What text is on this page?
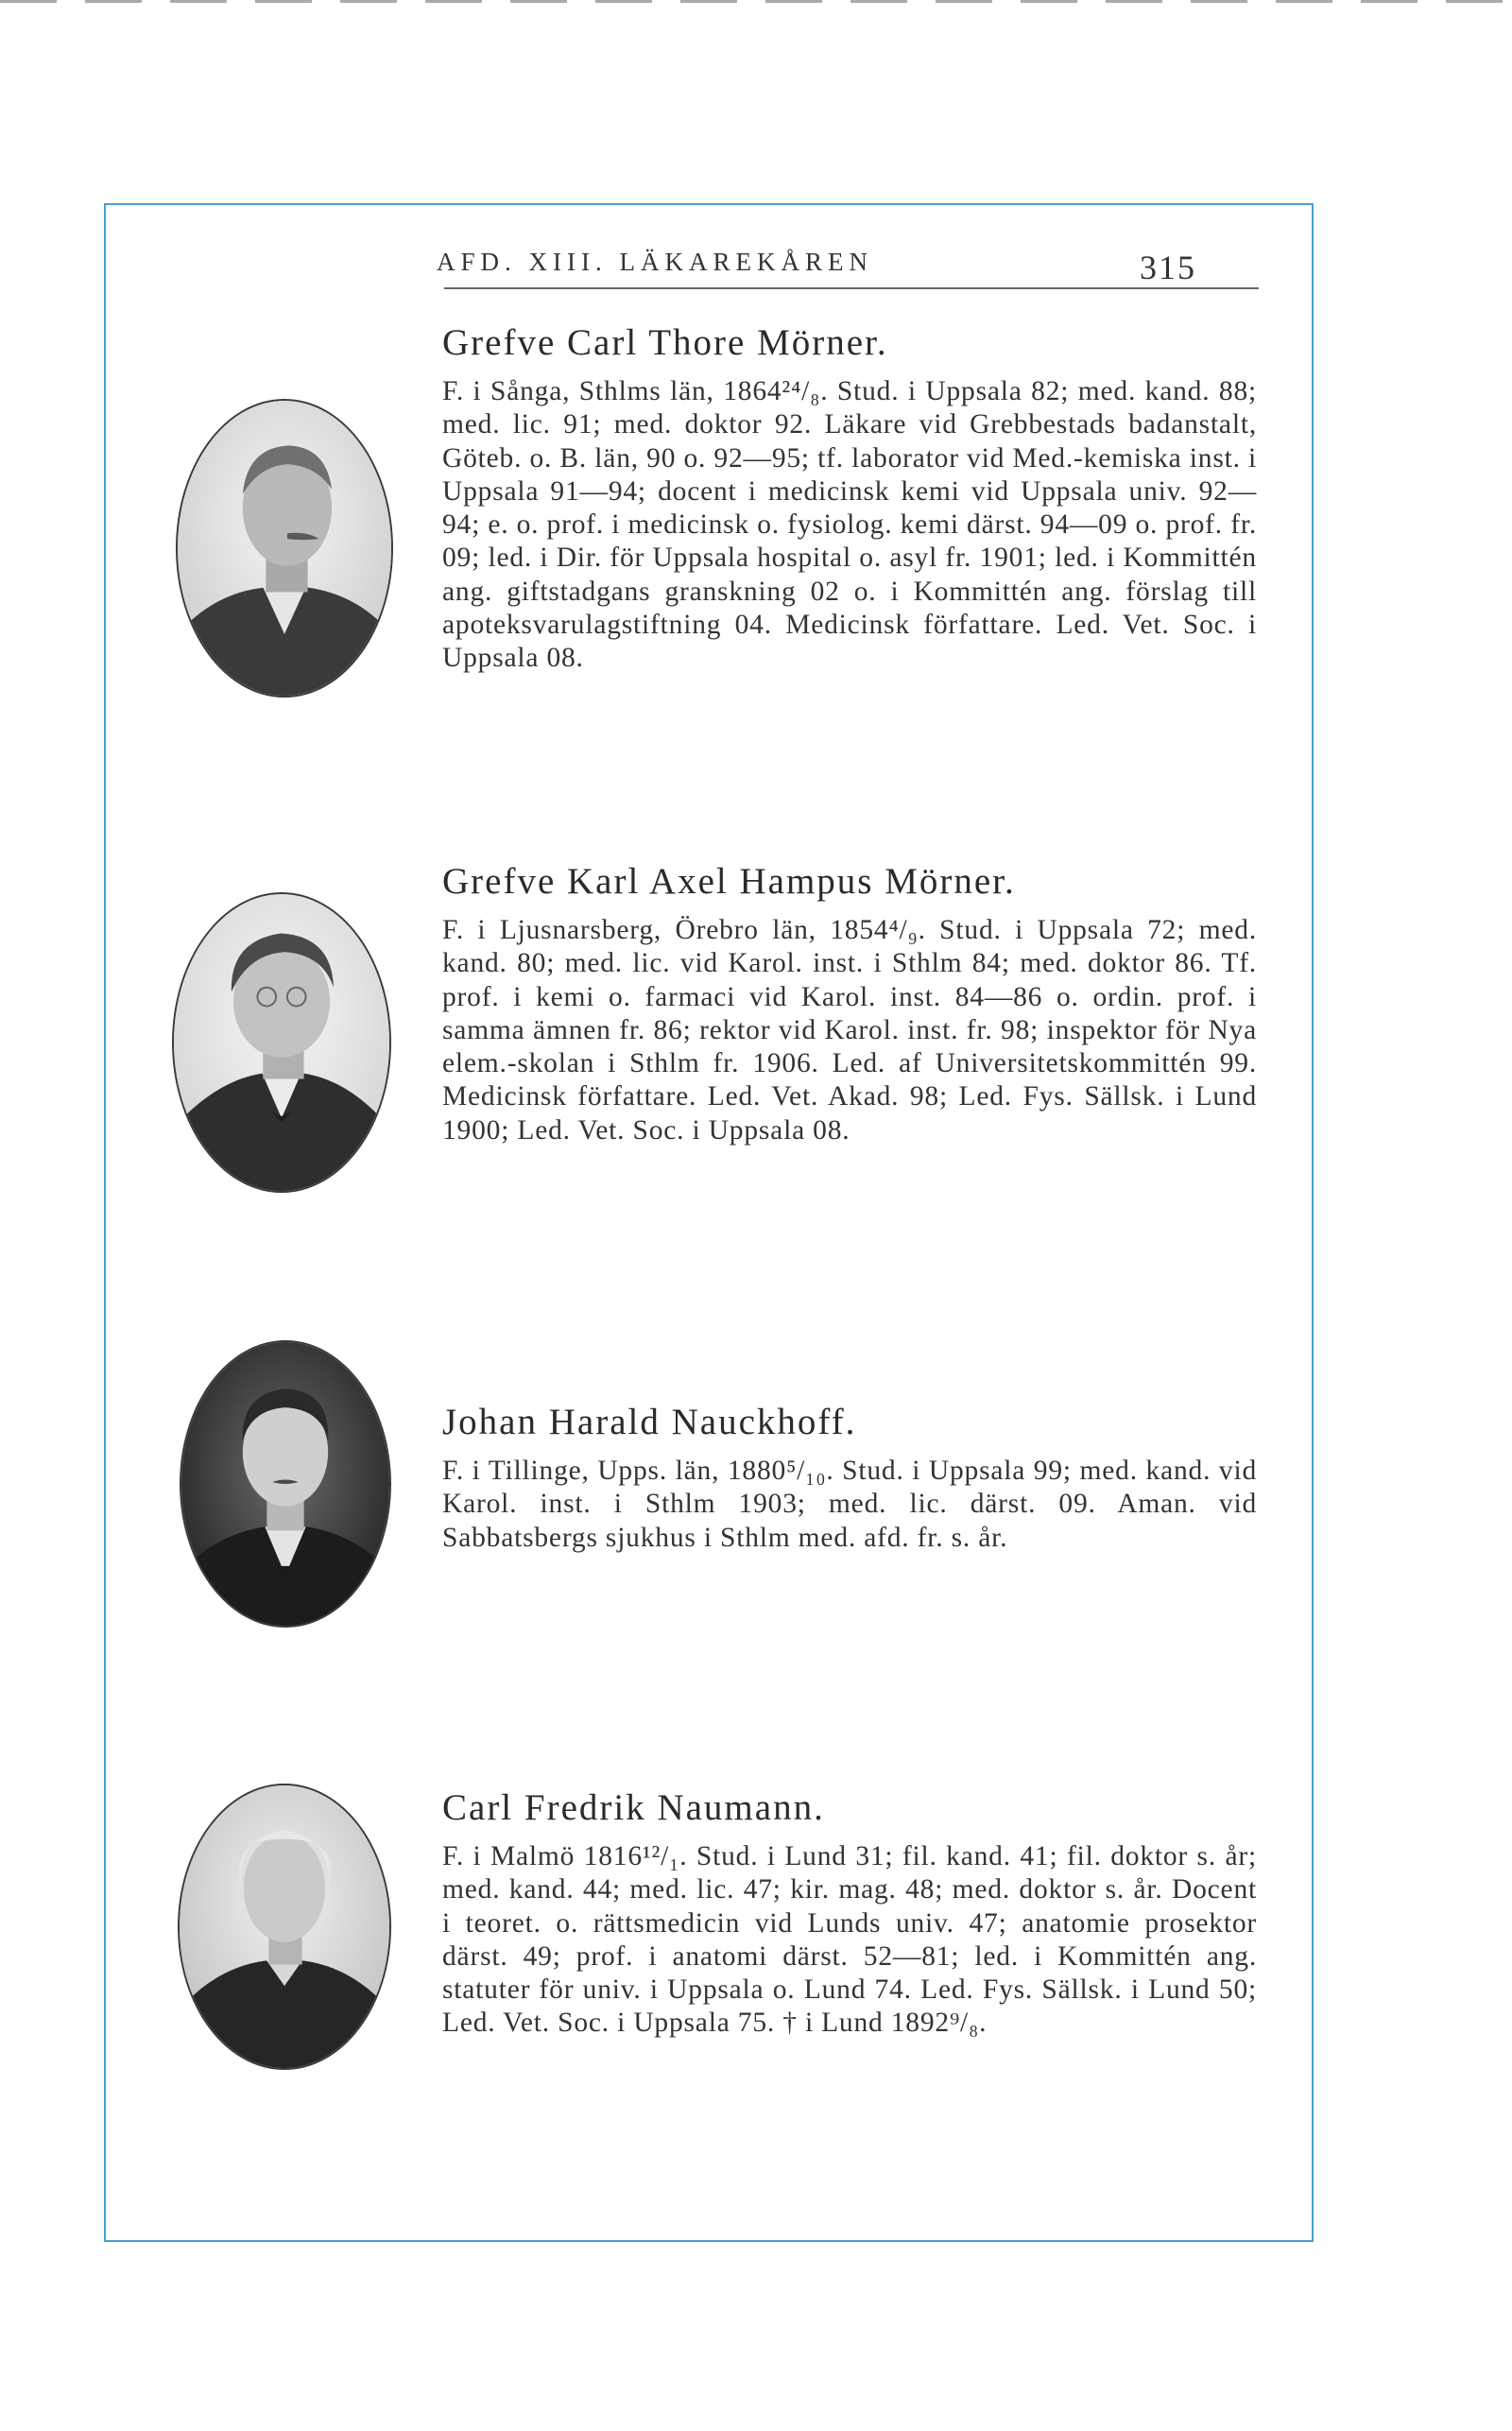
AFD. XIII. LÄKAREKÅREN	315
Grefve Carl Thore Mörner.

F. i Sånga, Sthlms län, 1864²⁴/₈. Stud. i Uppsala 82; med. kand. 88; med. lic. 91; med. doktor 92. Läkare vid Grebbestads badanstalt, Göteb. o. B. län, 90 o. 92—95; tf. laborator vid Med.-kemiska inst. i Uppsala 91—94; docent i medicinsk kemi vid Uppsala univ. 92—94; e. o. prof. i medicinsk o. fysiolog. kemi därst. 94—09 o. prof. fr. 09; led. i Dir. för Uppsala hospital o. asyl fr. 1901; led. i Kommittén ang. giftstadgans granskning 02 o. i Kommittén ang. förslag till apoteksvarulagstiftning 04. Medicinsk författare. Led. Vet. Soc. i Uppsala 08.

Grefve Karl Axel Hampus Mörner.

F. i Ljusnarsberg, Örebro län, 1854⁴/₉. Stud. i Uppsala 72; med. kand. 80; med. lic. vid Karol. inst. i Sthlm 84; med. doktor 86. Tf. prof. i kemi o. farmaci vid Karol. inst. 84—86 o. ordin. prof. i samma ämnen fr. 86; rektor vid Karol. inst. fr. 98; inspektor för Nya elem.-skolan i Sthlm fr. 1906. Led. af Universitetskommittén 99. Medicinsk författare. Led. Vet. Akad. 98; Led. Fys. Sällsk. i Lund 1900; Led. Vet. Soc. i Uppsala 08.

Johan Harald Nauckhoff.

F. i Tillinge, Upps. län, 1880⁵/₁₀. Stud. i Uppsala 99; med. kand. vid Karol. inst. i Sthlm 1903; med. lic. därst. 09. Aman. vid Sabbatsbergs sjukhus i Sthlm med. afd. fr. s. år.

Carl Fredrik Naumann.

F. i Malmö 1816¹²/₁. Stud. i Lund 31; fil. kand. 41; fil. doktor s. år; med. kand. 44; med. lic. 47; kir. mag. 48; med. doktor s. år. Docent i teoret. o. rättsmedicin vid Lunds univ. 47; anatomie prosektor därst. 49; prof. i anatomi därst. 52—81; led. i Kommittén ang. statuter för univ. i Uppsala o. Lund 74. Led. Fys. Sällsk. i Lund 50; Led. Vet. Soc. i Uppsala 75. † i Lund 1892⁹/₈.
